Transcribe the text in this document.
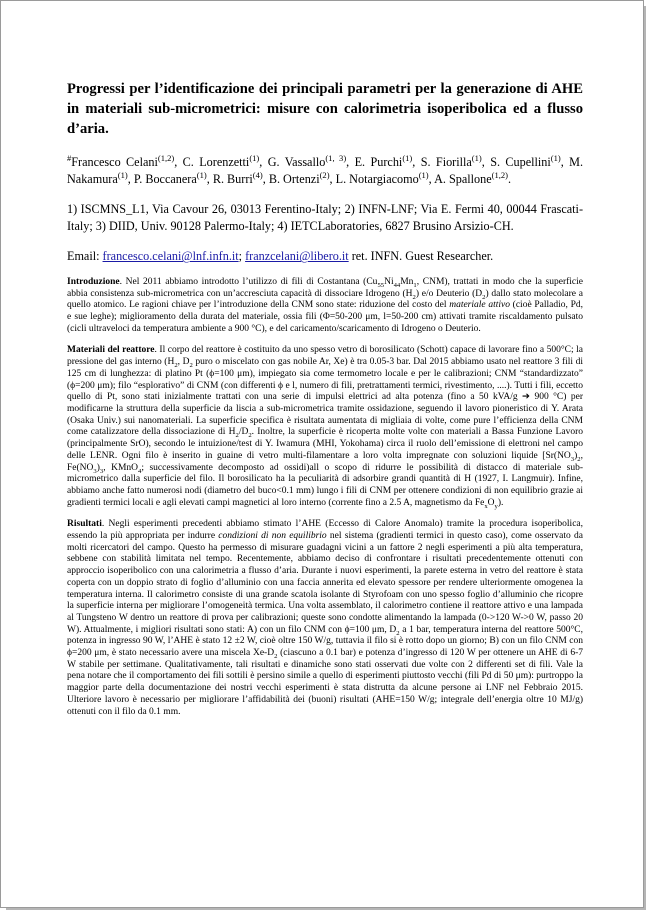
Progressi per l’identificazione dei principali parametri per la generazione di AHE in materiali sub-micrometrici: misure con calorimetria isoperibolica ed a flusso d’aria.

#Francesco Celani$^{(1,2)}$, C. Lorenzetti$^{(1)}$, G. Vassallo$^{(1, 3)}$, E. Purchi$^{(1)}$, S. Fiorilla$^{(1)}$, S. Cupellini$^{(1)}$, M. Nakamura$^{(1)}$, P. Boccanera$^{(1)}$, R. Burri$^{(4)}$, B. Ortenzi$^{(2)}$, L. Notargiacomo$^{(1)}$, A. Spallone$^{(1,2)}$.

1) ISCMNS_L1, Via Cavour 26, 03013 Ferentino-Italy; 2) INFN-LNF; Via E. Fermi 40, 00044 Frascati-Italy; 3) DIID, Univ. 90128 Palermo-Italy; 4) IETCLaboratories, 6827 Brusino Arsizio-CH.

Email: francesco.celani@lnf.infn.it; franzcelani@libero.it ret. INFN. Guest Researcher.

Introduzione. Nel 2011 abbiamo introdotto l’utilizzo di fili di Costantana ($Cu_{55}Ni_{44}Mn_1$, CNM), trattati in modo che la superficie abbia consistenza sub-micrometrica con un’accresciuta capacità di dissociare Idrogeno $(H_2)$ e/o Deuterio $(D_2)$ dallo stato molecolare a quello atomico. Le ragioni chiave per l’introduzione della CNM sono state: riduzione del costo del materiale attivo (cioè Palladio, Pd, e sue leghe); miglioramento della durata del materiale, ossia fili (Φ=50-200 μm, l=50-200 cm) attivati tramite riscaldamento pulsato (cicli ultraveloci da temperatura ambiente a 900 °C), e del caricamento/scaricamento di Idrogeno o Deuterio.

Materiali del reattore. Il corpo del reattore è costituito da uno spesso vetro di borosilicato (Schott) capace di lavorare fino a 500°C; la pressione del gas interno ($H_2$, $D_2$ puro o miscelato con gas nobile Ar, Xe) è tra 0.05-3 bar. Dal 2015 abbiamo usato nel reattore 3 fili di 125 cm di lunghezza: di platino Pt (ϕ=100 μm), impiegato sia come termometro locale e per le calibrazioni; CNM “standardizzato” (ϕ=200 μm); filo “esplorativo” di CNM (con differenti ϕ e l, numero di fili, pretrattamenti termici, rivestimento, ....). Tutti i fili, eccetto quello di Pt, sono stati inizialmente trattati con una serie di impulsi elettrici ad alta potenza (fino a 50 kVA/g ➔ 900 °C) per modificarne la struttura della superficie da liscia a sub-micrometrica tramite ossidazione, seguendo il lavoro pioneristico di Y. Arata (Osaka Univ.) sui nanomateriali. La superficie specifica è risultata aumentata di migliaia di volte, come pure l’efficienza della CNM come catalizzatore della dissociazione di $H_2/D_2$. Inoltre, la superficie è ricoperta molte volte con materiali a Bassa Funzione Lavoro (principalmente SrO), secondo le intuizione/test di Y. Iwamura (MHI, Yokohama) circa il ruolo dell’emissione di elettroni nel campo delle LENR. Ogni filo è inserito in guaine di vetro multi-filamentare a loro volta impregnate con soluzioni liquide [$Sr(NO_3)_2$, $Fe(NO_3)_3$, KMnO$_4$; successivamente decomposto ad ossidi)all o scopo di ridurre le possibilità di distacco di materiale sub-micrometrico dalla superficie del filo. Il borosilicato ha la peculiarità di adsorbire grandi quantità di H (1927, I. Langmuir). Infine, abbiamo anche fatto numerosi nodi (diametro del buco<0.1 mm) lungo i fili di CNM per ottenere condizioni di non equilibrio grazie ai gradienti termici locali e agli elevati campi magnetici al loro interno (corrente fino a 2.5 A, magnetismo da $Fe_xO_y$).

Risultati. Negli esperimenti precedenti abbiamo stimato l’AHE (Eccesso di Calore Anomalo) tramite la procedura isoperibolica, essendo la più appropriata per indurre condizioni di non equilibrio nel sistema (gradienti termici in questo caso), come osservato da molti ricercatori del campo. Questo ha permesso di misurare guadagni vicini a un fattore 2 negli esperimenti a più alta temperatura, sebbene con stabilità limitata nel tempo. Recentemente, abbiamo deciso di confrontare i risultati precedentemente ottenuti con approccio isoperibolico con una calorimetria a flusso d’aria. Durante i nuovi esperimenti, la parete esterna in vetro del reattore è stata coperta con un doppio strato di foglio d’alluminio con una faccia annerita ed elevato spessore per rendere ulteriormente omogenea la temperatura interna. Il calorimetro consiste di una grande scatola isolante di Styrofoam con uno spesso foglio d’alluminio che ricopre la superficie interna per migliorare l’omogeneità termica. Una volta assemblato, il calorimetro contiene il reattore attivo e una lampada al Tungsteno W dentro un reattore di prova per calibrazioni; queste sono condotte alimentando la lampada (0->120 W->0 W, passo 20 W). Attualmente, i migliori risultati sono stati: A) con un filo CNM con ϕ=100 μm, $D_2$ a 1 bar, temperatura interna del reattore 500°C, potenza in ingresso 90 W, l’AHE è stato 12 ±2 W, cioè oltre 150 W/g, tuttavia il filo si è rotto dopo un giorno; B) con un filo CNM con ϕ=200 μm, è stato necessario avere una miscela $Xe-D_2$ (ciascuno a 0.1 bar) e potenza d’ingresso di 120 W per ottenere un AHE di 6-7 W stabile per settimane. Qualitativamente, tali risultati e dinamiche sono stati osservati due volte con 2 differenti set di fili. Vale la pena notare che il comportamento dei fili sottili è persino simile a quello di esperimenti piuttosto vecchi (fili Pd di 50 μm): purtroppo la maggior parte della documentazione dei nostri vecchi esperimenti è stata distrutta da alcune persone ai LNF nel Febbraio 2015. Ulteriore lavoro è necessario per migliorare l’affidabilità dei (buoni) risultati (AHE=150 W/g; integrale dell’energia oltre 10 MJ/g) ottenuti con il filo da 0.1 mm.
